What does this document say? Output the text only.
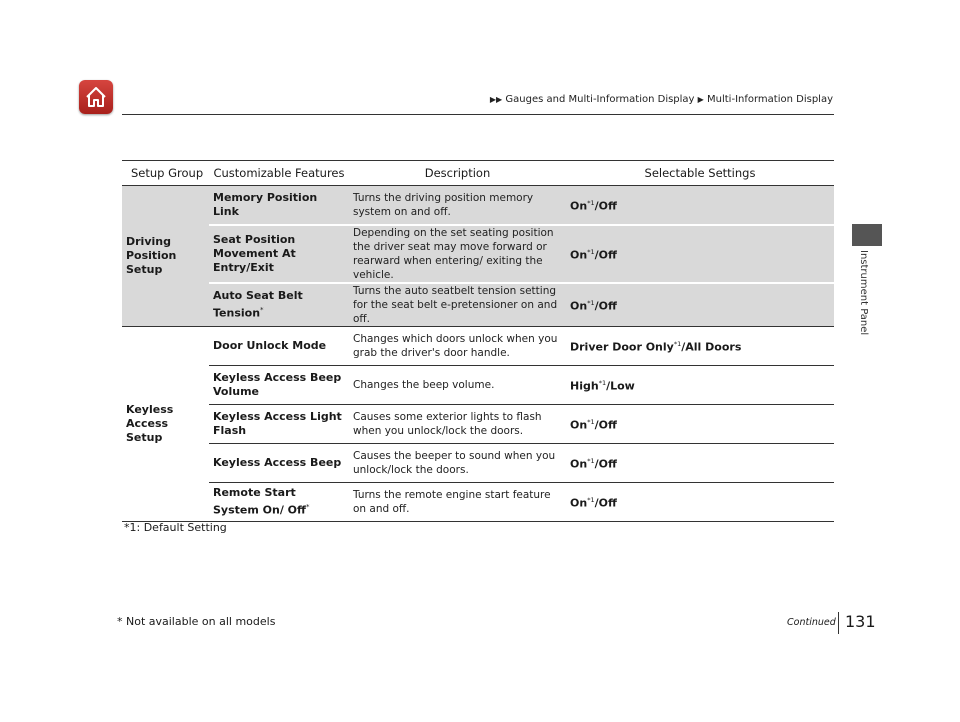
▶▶ Gauges and Multi-Information Display ▶ Multi-Information Display
Instrument Panel
Setup Group	Customizable Features	Description	Selectable Settings
Driving Position Setup	Memory Position Link	Turns the driving position memory system on and off.	On$^{*1}$/Off
	Seat Position Movement At Entry/Exit	Depending on the set seating position the driver seat may move forward or rearward when entering/ exiting the vehicle.	On$^{*1}$/Off
	Auto Seat Belt Tension*	Turns the auto seatbelt tension setting for the seat belt e-pretensioner on and off.	On$^{*1}$/Off
Keyless Access Setup	Door Unlock Mode	Changes which doors unlock when you grab the driver's door handle.	Driver Door Only$^{*1}$/All Doors
	Keyless Access Beep Volume	Changes the beep volume.	High$^{*1}$/Low
	Keyless Access Light Flash	Causes some exterior lights to flash when you unlock/lock the doors.	On$^{*1}$/Off
	Keyless Access Beep	Causes the beeper to sound when you unlock/lock the doors.	On$^{*1}$/Off
	Remote Start System On/ Off*	Turns the remote engine start feature on and off.	On$^{*1}$/Off
*1: Default Setting
* Not available on all models	Continued 131
